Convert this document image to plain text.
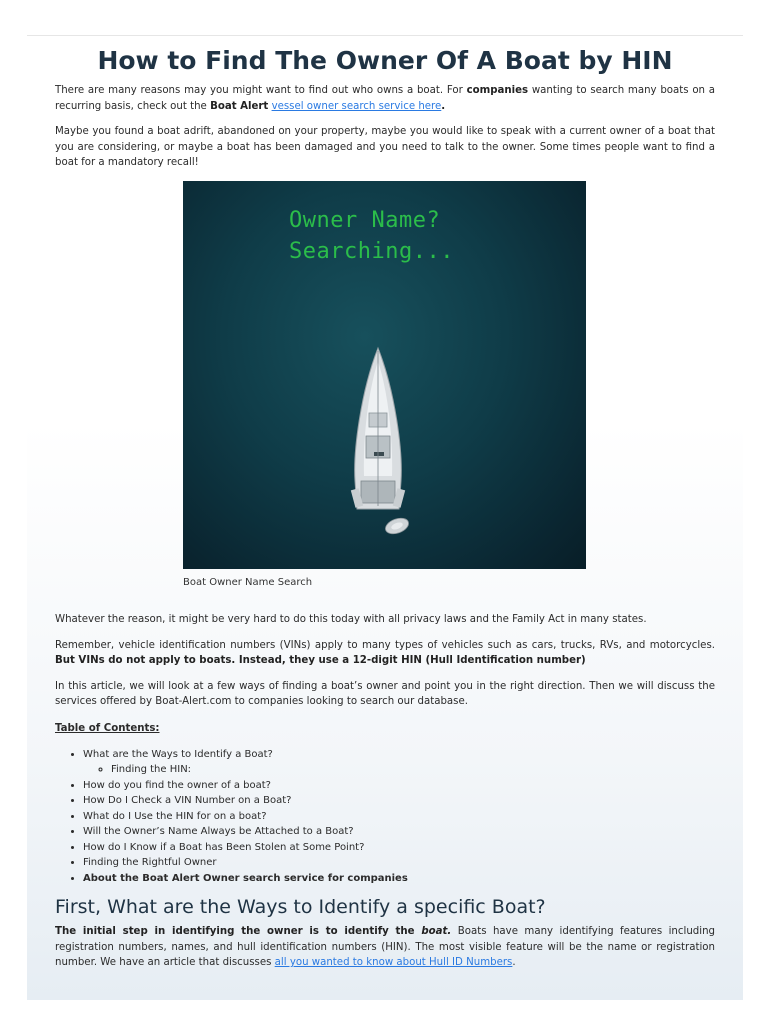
How to Find The Owner Of A Boat by HIN

There are many reasons may you might want to find out who owns a boat. For companies wanting to search many boats on a recurring basis, check out the Boat Alert vessel owner search service here.

Maybe you found a boat adrift, abandoned on your property, maybe you would like to speak with a current owner of a boat that you are considering, or maybe a boat has been damaged and you need to talk to the owner. Some times people want to find a boat for a mandatory recall!

Owner Name?
Searching...
Boat Owner Name Search

Whatever the reason, it might be very hard to do this today with all privacy laws and the Family Act in many states.

Remember, vehicle identification numbers (VINs) apply to many types of vehicles such as cars, trucks, RVs, and motorcycles. But VINs do not apply to boats. Instead, they use a 12-digit HIN (Hull Identification number)

In this article, we will look at a few ways of finding a boat’s owner and point you in the right direction. Then we will discuss the services offered by Boat-Alert.com to companies looking to search our database.

Table of Contents:

• What are the Ways to Identify a Boat?
◦ Finding the HIN:
• How do you find the owner of a boat?
• How Do I Check a VIN Number on a Boat?
• What do I Use the HIN for on a boat?
• Will the Owner’s Name Always be Attached to a Boat?
• How do I Know if a Boat has Been Stolen at Some Point?
• Finding the Rightful Owner
• About the Boat Alert Owner search service for companies
First, What are the Ways to Identify a specific Boat?

The initial step in identifying the owner is to identify the boat. Boats have many identifying features including registration numbers, names, and hull identification numbers (HIN). The most visible feature will be the name or registration number. We have an article that discusses all you wanted to know about Hull ID Numbers.
